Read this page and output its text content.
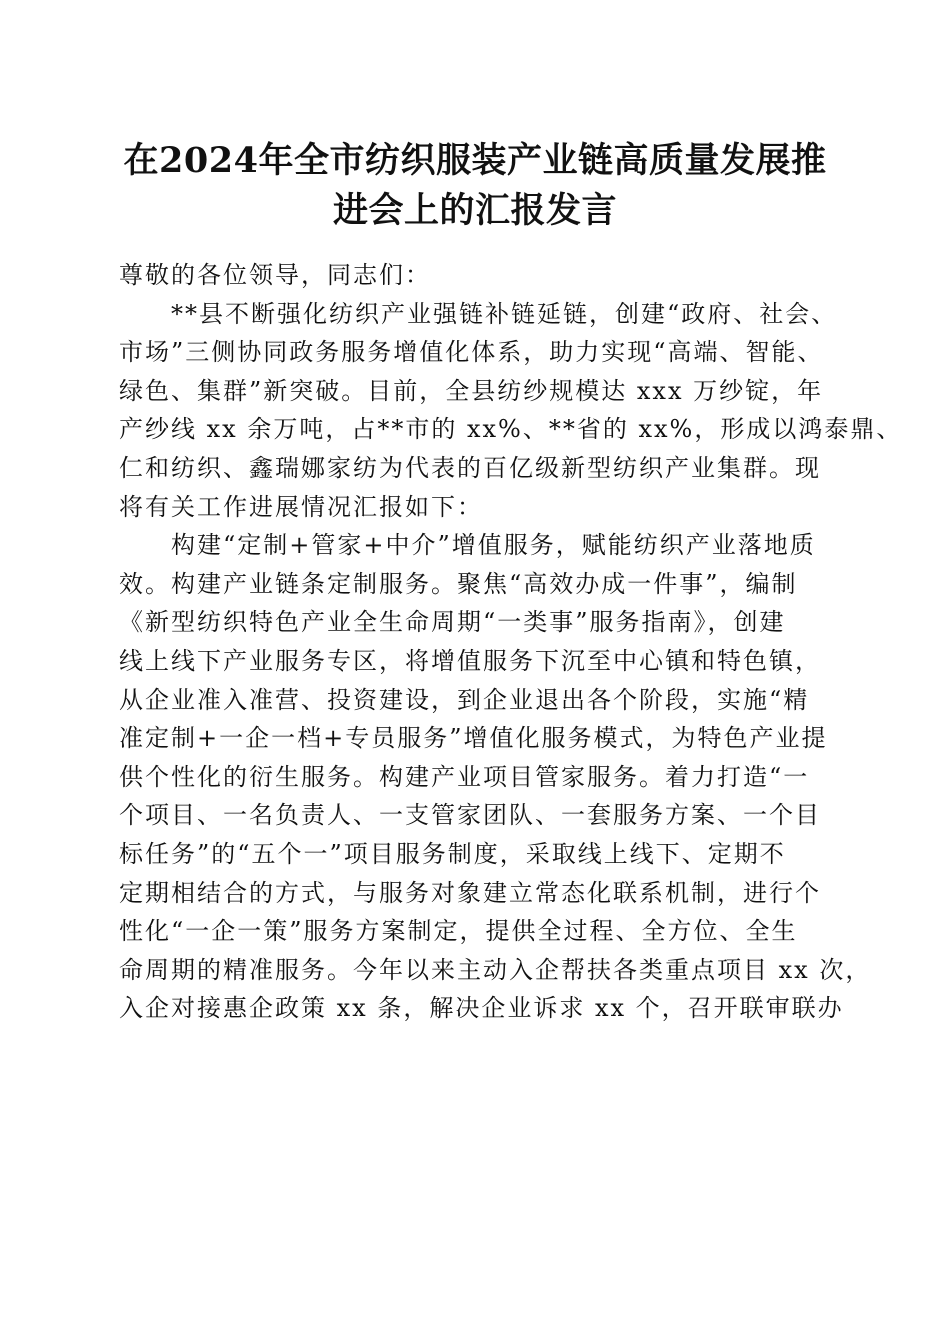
在2024年全市纺织服装产业链高质量发展推
进会上的汇报发言

尊敬的各位领导，同志们：

**县不断强化纺织产业强链补链延链，创建“政府、社会、
市场”三侧协同政务服务增值化体系，助力实现“高端、智能、
绿色、集群”新突破。目前，全县纺纱规模达 xxx 万纱锭，年
产纱线 xx 余万吨，占**市的 xx%、**省的 xx%，形成以鸿泰鼎、
仁和纺织、鑫瑞娜家纺为代表的百亿级新型纺织产业集群。现
将有关工作进展情况汇报如下：
构建“定制+管家+中介”增值服务，赋能纺织产业落地质
效。构建产业链条定制服务。聚焦“高效办成一件事”，编制
《新型纺织特色产业全生命周期“一类事”服务指南》，创建
线上线下产业服务专区，将增值服务下沉至中心镇和特色镇，
从企业准入准营、投资建设，到企业退出各个阶段，实施“精
准定制+一企一档+专员服务”增值化服务模式，为特色产业提
供个性化的衍生服务。构建产业项目管家服务。着力打造“一
个项目、一名负责人、一支管家团队、一套服务方案、一个目
标任务”的“五个一”项目服务制度，采取线上线下、定期不
定期相结合的方式，与服务对象建立常态化联系机制，进行个
性化“一企一策”服务方案制定，提供全过程、全方位、全生
命周期的精准服务。今年以来主动入企帮扶各类重点项目 xx 次，
入企对接惠企政策 xx 条，解决企业诉求 xx 个，召开联审联办
